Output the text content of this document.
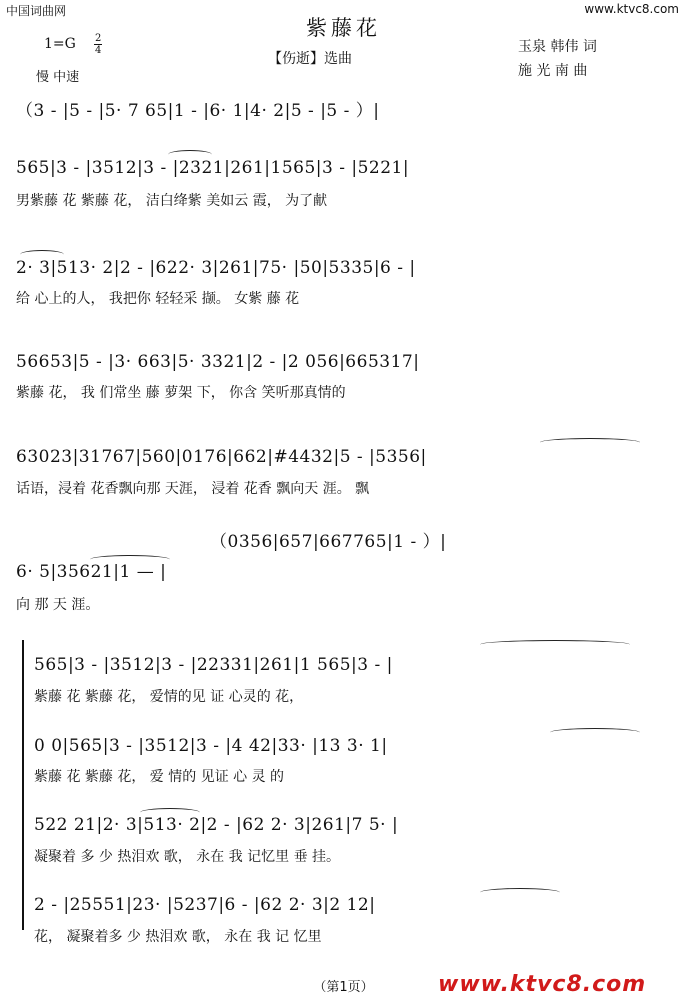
中国词曲网	www.ktvc8.com
紫藤花
1=G 2
4
慢 中速
【伤逝】选曲
玉泉 韩伟 词
施 光 南 曲
（3 - |5 - |5· 7 65|1 - |6· 1|4· 2|5 - |5 - ）|
565|3 - |3512|3 - |2321|261|1565|3 - |5221|
男紫藤 花 紫藤 花， 洁白绛紫 美如云 霞， 为了献
2· 3|513· 2|2 - |622· 3|261|75· |50|5335|6 - |
给 心上的人， 我把你 轻轻采 撷。 女紫 藤 花
56653|5 - |3· 663|5· 3321|2 - |2 056|665317|
紫藤 花， 我 们常坐 藤 萝架 下， 你含 笑听那真情的
63023|31767|560|0176|662|#4432|5 - |5356|
话语，浸着 花香飘向那 天涯， 浸着 花香 飘向天 涯。 飘
（0356|657|667765|1 - ）|
6· 5|35621|1 — |
向 那 天 涯。
565|3 - |3512|3 - |22331|261|1 565|3 - |
紫藤 花 紫藤 花， 爱情的见 证 心灵的 花，
0 0|565|3 - |3512|3 - |4 42|33· |13 3· 1|
紫藤 花 紫藤 花， 爱 情的 见证 心 灵 的
522 21|2· 3|513· 2|2 - |62 2· 3|261|7 5· |
凝聚着 多 少 热泪欢 歌， 永在 我 记忆里 垂 挂。
2 - |25551|23· |5237|6 - |62 2· 3|2 12|
花， 凝聚着多 少 热泪欢 歌， 永在 我 记 忆里
（第1页）	www.ktvc8.com
